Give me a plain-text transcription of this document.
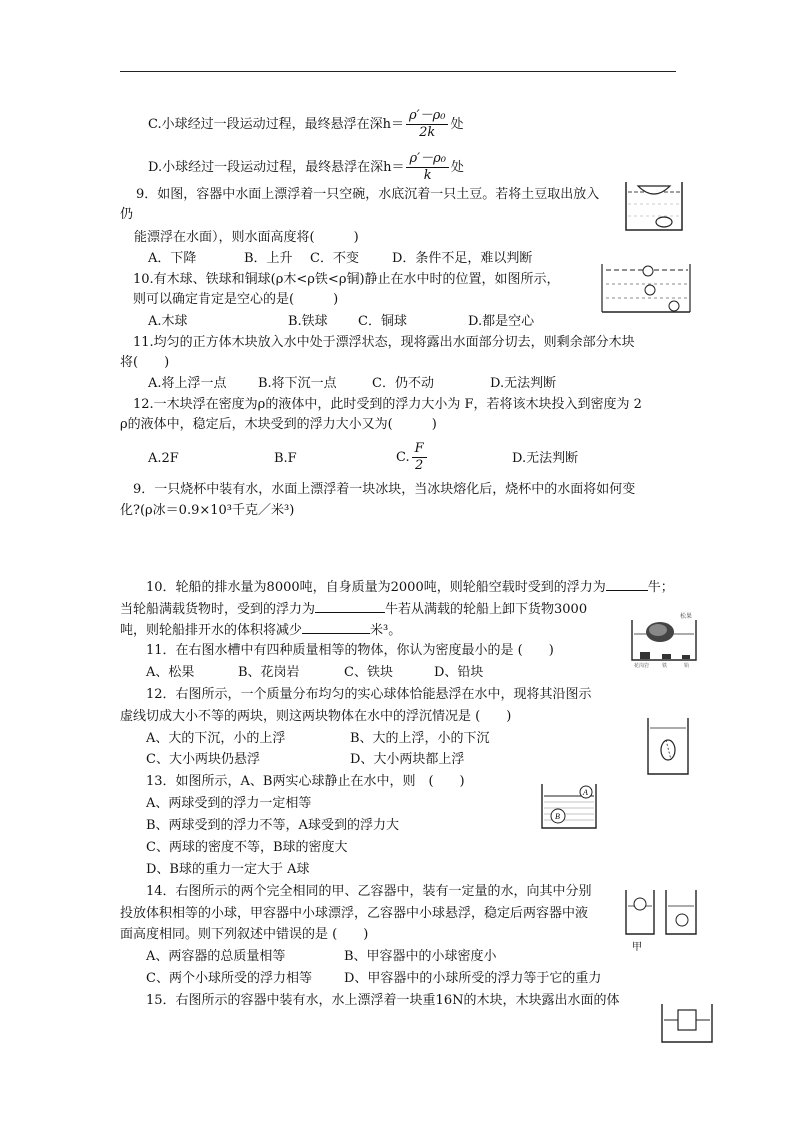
C.小球经过一段运动过程，最终悬浮在深$h= \frac{\text{ρ′－ρ₀}}{2k}$ 处
D.小球经过一段运动过程，最终悬浮在深$h= \frac{\text{ρ′－ρ₀}}{k}$ 处
9．如图，容器中水面上漂浮着一只空碗，水底沉着一只土豆。若将土豆取出放入
仍
能漂浮在水面），则水面高度将(　　　)
A．下降	B．上升 C．不变	D．条件不足，难以判断
10.有木球、铁球和铜球(ρ木<ρ铁<ρ铜)静止在水中时的位置，如图所示，
则可以确定肯定是空心的是(　　　)
A.木球	B.铁球 C．铜球	D.都是空心
11.均匀的正方体木块放入水中处于漂浮状态，现将露出水面部分切去，则剩余部分木块
将(　　)
A.将上浮一点 B.将下沉一点	C．仍不动	D.无法判断
12.一木块浮在密度为ρ的液体中，此时受到的浮力大小为 F，若将该木块投入到密度为 2
ρ的液体中，稳定后，木块受到的浮力大小又为(　　　)
A.2F	B.F	C. $\frac{F}{2}$	D.无法判断
9．一只烧杯中装有水，水面上漂浮着一块冰块，当冰块熔化后，烧杯中的水面将如何变
化?(ρ冰＝0.9×10³千克／米³)
10．轮船的排水量为8000吨，自身质量为2000吨，则轮船空载时受到的浮力为	牛；
当轮船满载货物时，受到的浮力为	牛若从满载的轮船上卸下货物3000
吨，则轮船排开水的体积将减少	米³。
11．在右图水槽中有四种质量相等的物体，你认为密度最小的是 (　　)
A、松果	B、花岗岩	C、铁块	D、铅块
12．右图所示，一个质量分布均匀的实心球体恰能悬浮在水中，现将其沿图示
虚线切成大小不等的两块，则这两块物体在水中的浮沉情况是 (　　)
A、大的下沉，小的上浮	B、大的上浮，小的下沉
C、大小两块仍悬浮	D、大小两块都上浮
13．如图所示，A、B两实心球静止在水中，则　(　　)
A、两球受到的浮力一定相等
B、两球受到的浮力不等，A球受到的浮力大
C、两球的密度不等，B球的密度大
D、B球的重力一定大于 A球
14．右图所示的两个完全相同的甲、乙容器中，装有一定量的水，向其中分别
投放体积相等的小球，甲容器中小球漂浮，乙容器中小球悬浮，稳定后两容器中液
面高度相同。则下列叙述中错误的是 (　　)
A、两容器的总质量相等	B、甲容器中的小球密度小
C、两个小球所受的浮力相等 D、甲容器中的小球所受的浮力等于它的重力
15．右图所示的容器中装有水，水上漂浮着一块重16N的木块，木块露出水面的体
松果
花岗岩	铁	铅
A
B
甲
